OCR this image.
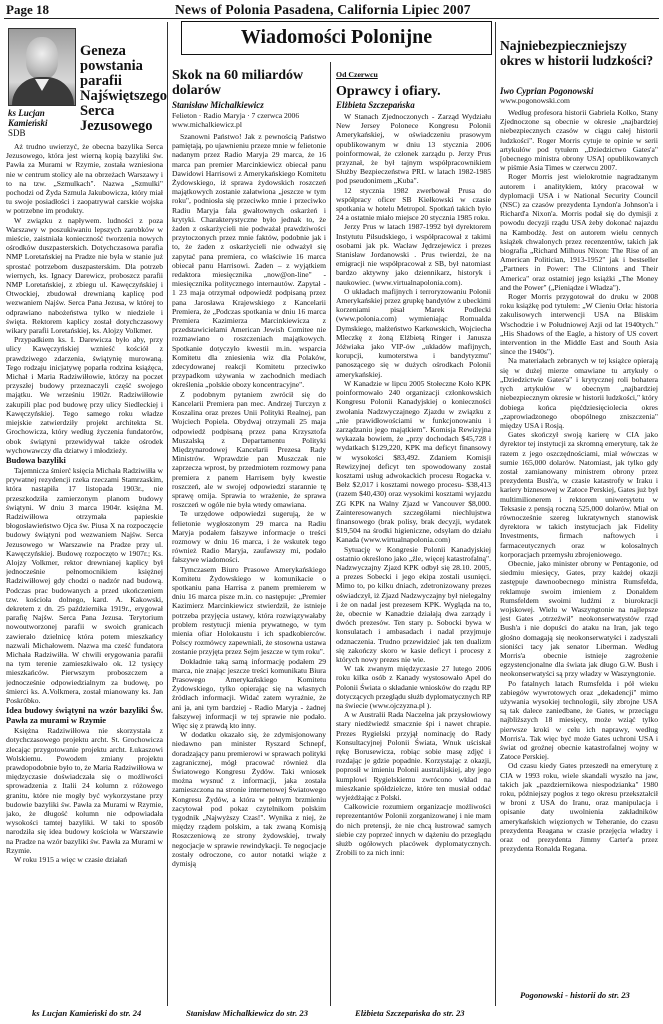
Page 18	News of Polonia Pasadena, California Lipiec 2007
Wiadomości Polonijne
Geneza powstania parafii Najświętszego Serca Jezusowego
ks Lucjan Kamieński
SDB

Aż trudno uwierzyć, że obecna bazylika Serca Jezusowego, która jest wierną kopią bazyliki św. Pawła za Murami w Rzymie, została wzniesiona nie w centrum stolicy ale na obrzeżach Warszawy i to na tzw. „Szmulkach". Nazwa „Szmulki" pochodzi od Żyda Szmula Jakubowicza, który miał tu swoje posiadłości i zaopatrywał carskie wojska w potrzebne im produkty.

W związku z napływem. ludności z poza Warszawy w poszukiwaniu lepszych zarobków w mieście, zaistniała konieczność tworzenia nowych ośrodków duszpasterskich. Dotychczasowa parafia NMP Loretańskiej na Pradze nie była w stanie już sprostać potrzebom duszpasterskim. Dla potrzeb wiernych, ks. Ignacy Darewicz, proboszcz parafii NMP Loretańskiej, z zbiegu ul. Kawęczyńskiej i Otwockiej, zbudował drewnianą kaplicę pod wezwaniem Najśw. Serca Pana Jezusa, w której to odprawiano nabożeństwa tylko w niedziele i święta. Rektorem kaplicy został dotychczasowy wikary parafii Loretańskiej, ks. Alojzy Volkmer.

Przypadkiem ks. I. Darewicza było aby, przy ulicy Kawęczyńskiej wznieść kościół z prawdziwego zdarzenia, świątynię murowaną. Tego rodzaju inicjatywę poparła rodzina książęca, Michał i Maria Radziwiłłowie, którzy na poczet przyszłej budowy przeznaczyli część swojego majątku. We wrześniu 1902r. Radziwiłłowie zakupili plac pod budowę przy ulicy Siedleckiej i Kawęczyńskiej. Tego samego roku władze miejskie zatwierdziły projekt architekta St. Grochowicza, który według życzenia fundatorów, obok świątyni przewidywał także ośrodek wychowawczy dla dziatwy i młodzieży.

Budowa bazyliki

Tajemnicza śmierć księcia Michała Radziwiłła w prywatnej rezydencji rzeka rzeczami Stamrzaskim, która nastąpiła 17 listopada 1903r., nie przeszkodziła zamierzonym planom budowy świątyni. W dniu 3 marca 1904r. księżna M. Radziwiłłowa otrzymała papieskie błogosławieństwo Ojca św. Piusa X na rozpoczęcie budowy świątyni pod wezwaniem Najśw. Serca Jezusowego w Warszawie na Pradze przy ul. Kawęczyńskiej. Budowę rozpoczęto w 1907r.; Ks. Alojzy Volkmer, rektor drewnianej kaplicy był jednocześnie pełnomocnikiem księżnej Radziwiłłowej gdy chodzi o nadzór nad budową. Podczas prac budowanych a przed ukończeniem tzw. kościoła dolnego, kard. A. Kakowski, dekretem z dn. 25 października 1919r., erygował parafię Najśw. Serca Pana Jezusa. Terytorium nowoutworzonej parafii w swoich granicach zawierało dzielnicę która potem mieszkańcy nazwali Michałowem. Nazwa ma cześć fundatora Michała Radziwiłła. W chwili erygowania parafii na tym terenie zamieszkiwało ok. 12 tysięcy mieszkańców. Pierwszym proboszczem a jednocześnie odpowiedzialnym za budowę, po śmierci ks. A.Volkmera, został mianowany ks. Jan Poskróbko.

Idea budowy świątyni na wzór bazyliki Św. Pawła za murami w Rzymie

Księżna Radziwiłłowa nie skorzystała z dotychczasowego projektu archt. St. Grochowicza zlecając przygotowanie projektu archt. Łukaszowi Wolskiemu. Powodem zmiany projektu prawdopodobnie było to, że Maria Radziwiłłowa w międzyczasie doświadczała się o możliwości sprowadzenia z Italii 24 kolumn z różowego granitu, które nie mogły być wykorzystane przy budowie bazyliki św. Pawła za Murami w Rzymie, jako, że długość kolumn nie odpowiadała wysokości tamtej bazyliki. W taki to sposób narodziła się idea budowy kościoła w Warszawie na Pradze na wzór bazyliki św. Pawła za Murami w Rzymie.

W roku 1915 a więc w czasie działań

ks Lucjan Kamieński do str. 24
Skok na 60 miliardów dolarów
Stanisław Michalkiewicz
Felieton · Radio Maryja · 7 czerwca 2006
www.michalkiewicz.pl

Szanowni Państwo! Jak z pewnością Państwo pamiętają, po ujawnieniu przeze mnie w felietonie nadanym przez Radio Maryja 29 marca, że 16 marca pan premier Marcinkiewicz obiecał panu Dawidowi Harrisowi z Amerykańskiego Komitetu Żydowskiego, iż sprawa żydowskich roszczeń majątkowych zostanie załatwiona „jeszcze w tym roku", podniosła się przeciwko mnie i przeciwko Radiu Maryja fala gwałtownych oskarżeń i krytyki. Charakterystyczne było jednak to, że żaden z oskarżycieli nie podważał prawdziwości przytoczonych przez mnie faktów, podobnie jak i to, że żaden z oskarżycieli nie odważył się zapytać pana premiera, co właściwie 16 marca obiecał panu Harrisowi. Żaden – z wyjątkiem redaktora miesięcznika „now@on-line" - miesięcznika politycznego internautów. Zapytał - 1 23 maja otrzymał odpowiedź podpisaną przez pana Jarosława Krajewskiego z Kancelarii Premiera, że „Podczas spotkania w dniu 16 marca Premiera Kazimierza Marcinkiewicza z przedstawicielami American Jewish Comitee nie rozmawiano o roszczeniach majątkowych. Spotkanie dotyczyło kwestii m.in. wsparcia Komitetu dla zniesienia wiz dla Polaków, zdecydowanej reakcji Komitetu przeciwko przypadkom używania w zachodnich mediach określenia „polskie obozy koncentracyjne".

Z podobnym pytaniem zwrócił się do Kancelarii Premiera pan mec. Andrzej Turczyn z Koszalina oraz prezes Unii Polityki Realnej, pan Wojciech Popiela. Obydwaj otrzymali 25 maja odpowiedź podpisaną przez pana Krzysztofa Muszalską z Departamentu Polityki Międzynarodowej Kancelarii Prezesa Rady Ministrów. Wprawdzie pan Muszczak nie zaprzecza wprost, by przedmiotem rozmowy pana premiera z panem Harrisem były kwestie roszczeń, ale w swojej odpowiedzi starannie tę sprawę omija. Sprawia to wrażenie, że sprawa roszczeń w ogóle nie była wtedy omawiana.

Te urzędowe odpowiedzi sugerują, że w felietonie wygłoszonym 29 marca na Radiu Maryja podałem fałszywe informacje o treści rozmowy w dniu 16 marca, i że wskutek tego również Radio Maryja, zaufawszy mi, podało fałszywe wiadomości.

Tymczasem Biuro Prasowe Amerykańskiego Komitetu Żydowskiego w komunikacie o spotkaniu pana Harrisa z panem premierem w dniu 16 marca pisze m.in. co następuje: „Premier Kazimierz Marcinkiewicz stwierdził, że istnieje potrzeba przyjęcia ustawy, która rozwiązywałaby problem restytucji mienia prywatnego, w tym mienia ofiar Holokaustu i ich spadkobierców. Polscy rozmówcy zapewniali, że stosowna ustawa zostanie przyjęta przez Sejm jeszcze w tym roku".

Dokładnie taką samą informację podałem 29 marca, nie znając jeszcze treści komunikatu Biura Prasowego Amerykańskiego Komitetu Żydowskiego, tylko opierając się na własnych źródłach informacji. Widać zatem wyraźnie, że ani ja, ani tym bardziej - Radio Maryja - żadnej fałszywej informacji w tej sprawie nie podało. Więc się z prawdą kto inny.

W dodatku okazało się, że zdymisjonowany niedawno pan minister Ryszard Schnepf, doradzający panu premierowi w sprawach polityki zagranicznej, mógł pracować również dla Światowego Kongresu Żydów. Taki wniosek można wysnuć z informacji, jaka została zamieszczona na stronie internetowej Światowego Kongresu Żydów, a która w pełnym brzmieniu zacytował pod pokaz czytelnikom polskim tygodnik „Najwyższy Czas!". Wynika z niej, że między rządem polskim, a tak zwaną Komisją Roszczeniową ze strony żydowskiej, trwały negocjacje w sprawie rewindykacji. Te negocjacje zostały odroczone, co autor notatki wiąże z dymisją

Stanisław Michalkiewicz do str. 23
Od Czerwcu
Oprawcy i ofiary.
Elżbieta Szczepańska

W Stanach Zjednoczonych - Zarząd Wydziału New Jersey Polonece Kongresu Polonii Amerykańskiej, w oświadczeniu prasowym opublikowanym w dniu 13 stycznia 2006 poinformował, że członek zarządu p. Jerzy Prus przyznał, że był tajnym współpracownikiem Służby Bezpieczeństwa PRL w latach 1982-1985 pod pseudonimem „Kuba".

12 stycznia 1982 zwerbował Prusa do współpracy oficer SB Kiełkowski w czasie spotkania w hotelu Metropol. Spotkań takich było 24 a ostatnie miało miejsce 20 stycznia 1985 roku.

Jerzy Prus w latach 1987-1992 był dyrektorem Instytutu Piłsudskiego, i współpracował z takimi osobami jak pk. Wacław Jędrzejewicz i prezes Stanisław Jordanowski . Prus twierdzi, że na emigracji nie współpracował z SB, był natomiast bardzo aktywny jako dziennikarz, historyk i naukowiec. (www.virtualnapolonia.com).

O układach mafijnych i terroryzowaniu Polonii Amerykańskiej przez grupkę bandytów z ubeckimi korzeniami pisał Marek Podlecki (www.polonia.com) wymieniając Romualda Dymskiego, małżeństwo Karkowskich, Wojciecha Mleczkę z żoną Elżbietą Ringer i Janusza Jóźwiaka jako VIP-ów „układów mafijnych, korupcji, kumoterstwa i bandytyzmu" panoszącego się w dużych ośrodkach Polonii amerykańskiej.

W Kanadzie w lipcu 2005 Stołeczne Koło KPK poinformowało 240 organizacji członkowskich Kongresu Polonii Kanadyjskiej o konieczności zwołania Nadzwyczajnego Zjazdu w związku z „nie prawidłowościami w funkcjonowaniu i zarządzaniu jego majątkiem". Komisja Rewizyjna wykazała bowiem, że „przy dochodach $45,728 i wydatkach $129,220, KPK ma deficyt finansowy w wysokości $83,492. Zdaniem Komisji Rewizyjnej deficyt ten spowodowany został kosztami usług adwokackich procesu Rogacka v. Bełz $2,017 i kosztami nowego procesu- $38,413 (razem $40,430) oraz wysokimi kosztami wyjazdu ZG KPK na Walny Zjazd w Vancouver $8,000. Zainteresowanych szczegółami niechlujstwa finansowego (brak polisy, brak decyzji, wydatek $19,504 na środki higieniczne, odsyłam do działu Kanada (www.wirtualnapolonia.com)

Sytuację w Kongresie Polonii Kanadyjskiej ostatnio określono jako „źle, więcej katastrofalną". Nadzwyczajny Zjazd KPK odbył się 28.10. 2005, a prezes Sobecki i jego ekipa zostali usunięci. Mimo to, po kilku dniach, zdetronizowany prezes oświadczył, iż Zjazd Nadzwyczajny był nielegalny i że on nadal jest prezesem KPK. Wygląda na to, że, obecnie w Kanadzie działają dwa zarządy i dwóch prezesów. Ten stary p. Sobocki bywa w konsulatach i ambasadach i nadal przyjmuje odznaczenia. Trudno przewidzieć jak ten dualizm się zakończy skoro w kasie deficyt i procesy z których nowy prezes nie wie.

W tak zwanym międzyczasie 27 lutego 2006 roku kilka osób z Kanady wystosowało Apel do Polonii Świata o składanie wniosków do rządu RP dotyczących przeglądu służb dyplomatycznych RP na świecie (www.ojczyzna.pl ).

A w Australii Rada Naczelna jak przysłowiowy stary niedźwiedź smacznie śpi i nawet chrapie. Prezes Rygielski przyjął nominację do Rady Konsultacyjnej Polonii Świata, Wnuk uściskał rękę Borusewicza, robiąc sobie masę zdjęć i rozdając je gdzie popadnie. Korzystając z okazji, poprosił w imieniu Polonii australijskiej, aby jego kumplowi Rygielskiemu zwrócono wkład na mieszkanie spółdzielcze, które ten musiał oddać wyjeżdżając z Polski.

Całkowicie rozumiem organizacje możliwości reprezentantów Polonii zorganizowanej i nie mam do nich pretensji, że nie chcą łustrować samych siebie czy poprzeć innych w dążeniu do przeglądu służb ogółowych placówek dyplomatycznych. Zrobili to za nich inni:

Elżbieta Szczepańska do str. 23
Najniebezpieczniejszy okres w historii ludzkości?
Iwo Cyprian Pogonowski
www.pogonowski.com

Według profesora historii Gabriela Kolko, Stany Zjednoczone są obecnie w okresie „najbardziej niebezpiecznych czasów w ciągu całej historii ludzkości". Roger Morris cytuje te opinie w serii artykułów pod tytułem „Dziedzictwo Gates'a" [obecnego ministra obrony USA] opublikowanych w piśmie Asia Times w czerwcu 2007.

Roger Morris jest wielokrotnie nagradzanym autorem i analitykiem, który pracował w dyplomacji USA i w National Security Council (NSC) za czasów prezydenta Lyndon'a Johnson'a i Richard'a Nixon'a. Morris podał się do dymisji z powodu decyzji rządu USA żeby dokonać najazdu na Kambodżę. Jest on autorem wielu cennych książek chwalonych przez recenzentów, takich jak biografia „Richard Milhous Nixon: The Rise of an American Politician, 1913-1952" jak i bestseller „Partners in Power: The Clintons and Their America" oraz ostatniej jego książki „The Money and the Power" („Pieniądze i Władza").

Roger Morris przygotował do druku w 2008 roku książkę pod tytułem: „W Cieniu Orła: historia zakulisowych interwencji USA na Bliskim Wschodzie i w Południowej Azji od lat 1940tych." „His Shadows of the Eagle, a history of US covert intervention in the Middle East and South Asia since the 1940s").

Na materiałach zebranych w tej książce opierają się w dużej mierze omawiane tu artykuły o „Dziedzictwie Gates'a" i krytycznej roli bohatera tych artykułów w obecnym „najbardziej niebezpiecznym okresie w historii ludzkości," który dobiega końca pięćdziesięciolecia okres „zaprowiadzonego obopólnego zniszczenia" między USA i Rosją.

Gates skończył swoją karierę w CIA jako dyrektor tej instytucji za skromną emeryturę, tak że razem z jego oszczędnościami, miał wówczas w sumie 165,000 dolarów. Natomiast, jak tylko gdy został zamianowany ministrem obrony przez prezydenta Bush'a, w czasie katastrofy w Iraku i kariery biznesowej w Zatoce Perskiej, Gates już był multimilionerem i rektorem uniwersytetu w Teksasie z pensją roczną 525,000 dolarów. Miał on równocześnie szereg lukratywnych stanowisk dyrektora w takich instytucjach jak Fidelity Investments, firmach naftowych i farmaceutycznych oraz w kolosalnych korporacjach przemysłu zbrojeniowego.

Obecnie, jako minister obrony w Pentagonie, od siedmiu miesięcy, Gates, przy każdej okazji zastępuje dawnoobecnego ministra Rumsfelda, reklamuje swoim imieniem z Donaldem Rumsfeldem swoimi ludźmi z biurokracji wojskowej. Wielu w Waszyngtonie na najlepsze jest Gates „otrzeźwił" neokonserwatystów rząd Bush'a i nie dopuści do ataku na Iran, jak tego głośno domagają się neokonserwatyści i zadyszali sioniści tacy jak senator Liberman. Według Morris'a obecnie istnieje zagrożenie egzystencjonalne dla świata jak długo G.W. Bush i neokonserwatyści są przy władzy w Waszyngtonie.

Po fatalnych latach Rumsfelda i pół wieku zabiegów wywrotowych oraz „dekadencji" mimo używania wysokiej technologii, siły zbrojne USA są tak dalece zaniedbane, że Gates, w przeciągu najbliższych 18 miesięcy, może wziąć tylko pierwsze kroki w celu ich naprawy, według Morris'a. Tak więc być może Gates uchroni USA i świat od groźnej obecnie katastrofalnej wojny w Zatoce Perskiej.

Od czasu kiedy Gates przeszedł na emeryturę z CIA w 1993 roku, wiele skandali wyszło na jaw, takich jak „pazdziernikowa niespodzianka" 1980 roku, późniejszy pogłos z tego okresu przekształcił w broni z USA do Iranu, oraz manipulacja i opisanie daty uwolnienia zakładników amerykańskich więzionych w Teheranie, do czasu prezydenta Reagana w czasie przejęcia władzy i oraz od prezydenta Jimmy Carter'a przez prezydenta Ronalda Regana.

Pogonowski - historii do str. 23
